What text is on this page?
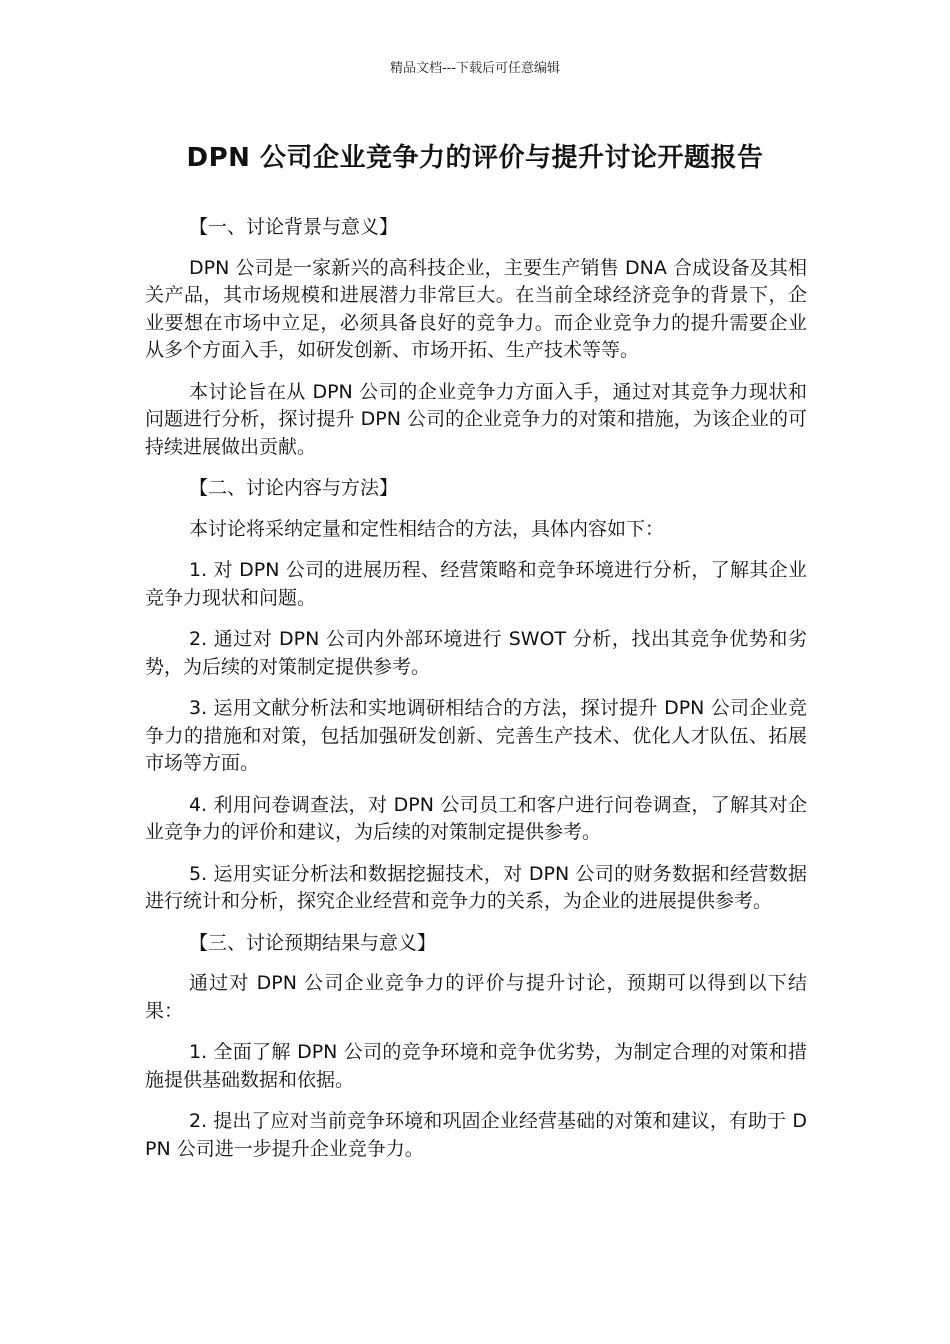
精品文档---下载后可任意编辑
DPN 公司企业竞争力的评价与提升讨论开题报告

【一、讨论背景与意义】

DPN 公司是一家新兴的高科技企业，主要生产销售 DNA 合成设备及其相关产品，其市场规模和进展潜力非常巨大。在当前全球经济竞争的背景下，企业要想在市场中立足，必须具备良好的竞争力。而企业竞争力的提升需要企业从多个方面入手，如研发创新、市场开拓、生产技术等等。

本讨论旨在从 DPN 公司的企业竞争力方面入手，通过对其竞争力现状和问题进行分析，探讨提升 DPN 公司的企业竞争力的对策和措施，为该企业的可持续进展做出贡献。

【二、讨论内容与方法】

本讨论将采纳定量和定性相结合的方法，具体内容如下：

1. 对 DPN 公司的进展历程、经营策略和竞争环境进行分析，了解其企业竞争力现状和问题。

2. 通过对 DPN 公司内外部环境进行 SWOT 分析，找出其竞争优势和劣势，为后续的对策制定提供参考。

3. 运用文献分析法和实地调研相结合的方法，探讨提升 DPN 公司企业竞争力的措施和对策，包括加强研发创新、完善生产技术、优化人才队伍、拓展市场等方面。

4. 利用问卷调查法，对 DPN 公司员工和客户进行问卷调查，了解其对企业竞争力的评价和建议，为后续的对策制定提供参考。

5. 运用实证分析法和数据挖掘技术，对 DPN 公司的财务数据和经营数据进行统计和分析，探究企业经营和竞争力的关系，为企业的进展提供参考。

【三、讨论预期结果与意义】

通过对 DPN 公司企业竞争力的评价与提升讨论，预期可以得到以下结果：

1. 全面了解 DPN 公司的竞争环境和竞争优劣势，为制定合理的对策和措施提供基础数据和依据。

2. 提出了应对当前竞争环境和巩固企业经营基础的对策和建议，有助于 DPN 公司进一步提升企业竞争力。
